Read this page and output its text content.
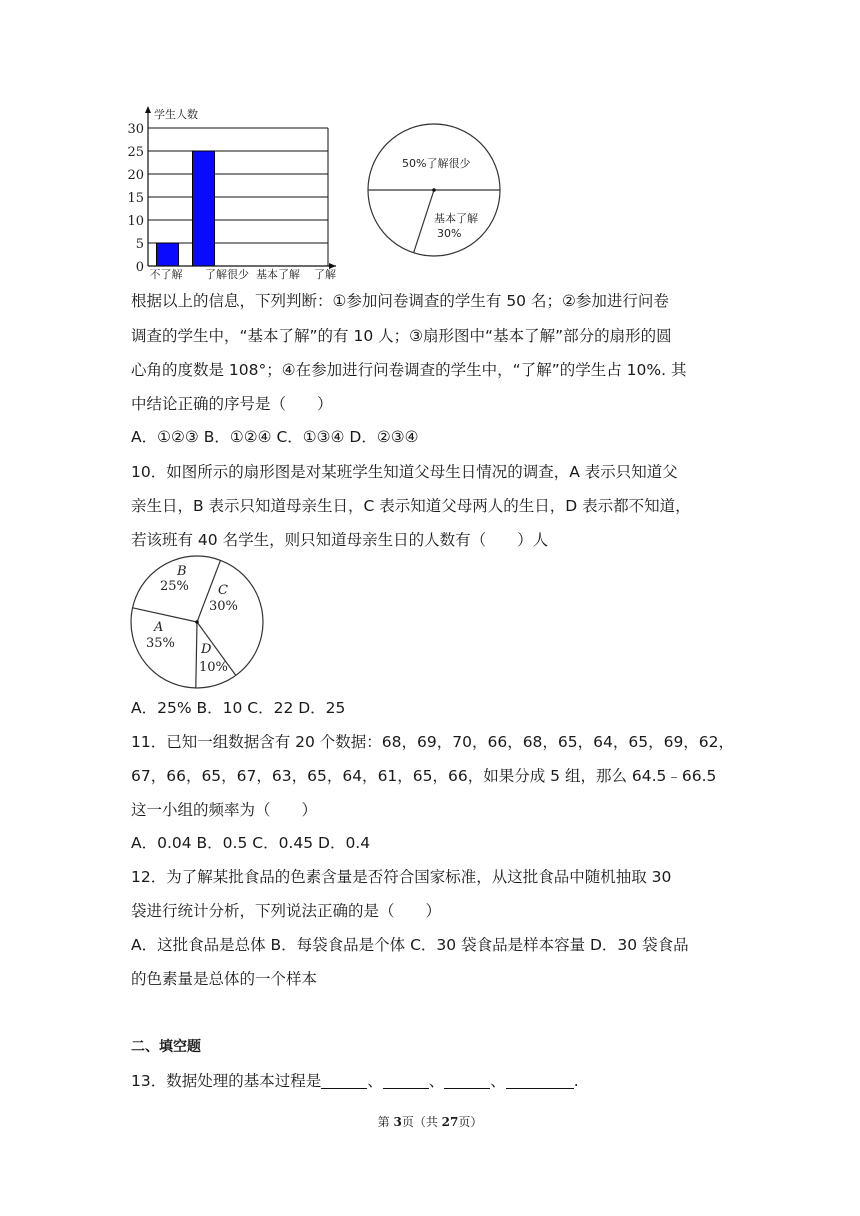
0
5
10
15
20
25
30
不了解 了解很少 基本了解 了解
学生人数
50%了解很少
基本了解
30%
根据以上的信息，下列判断：①参加问卷调查的学生有 50 名；②参加进行问卷
调查的学生中，“基本了解”的有 10 人；③扇形图中“基本了解”部分的扇形的圆
心角的度数是 108°；④在参加进行问卷调查的学生中，“了解”的学生占 10%. 其
中结论正确的序号是（　　）
A．①②③ B．①②④ C．①③④ D．②③④
10．如图所示的扇形图是对某班学生知道父母生日情况的调查，A 表示只知道父
亲生日，B 表示只知道母亲生日，C 表示知道父母两人的生日，D 表示都不知道，
若该班有 40 名学生，则只知道母亲生日的人数有（　　）人
B
25% C
30%
A
35% D
10%
A．25% B．10 C．22 D．25
11．已知一组数据含有 20 个数据：68，69，70，66，68，65，64，65，69，62，
67，66，65，67，63，65，64，61，65，66，如果分成 5 组，那么 64.5﹣66.5
这一小组的频率为（　　）
A．0.04 B．0.5 C．0.45 D．0.4
12．为了解某批食品的色素含量是否符合国家标准，从这批食品中随机抽取 30
袋进行统计分析，下列说法正确的是（　　）
A．这批食品是总体 B．每袋食品是个体 C．30 袋食品是样本容量 D．30 袋食品
的色素量是总体的一个样本
二、填空题
13．数据处理的基本过程是	、	、	、	.
第 3页（共 27页）
